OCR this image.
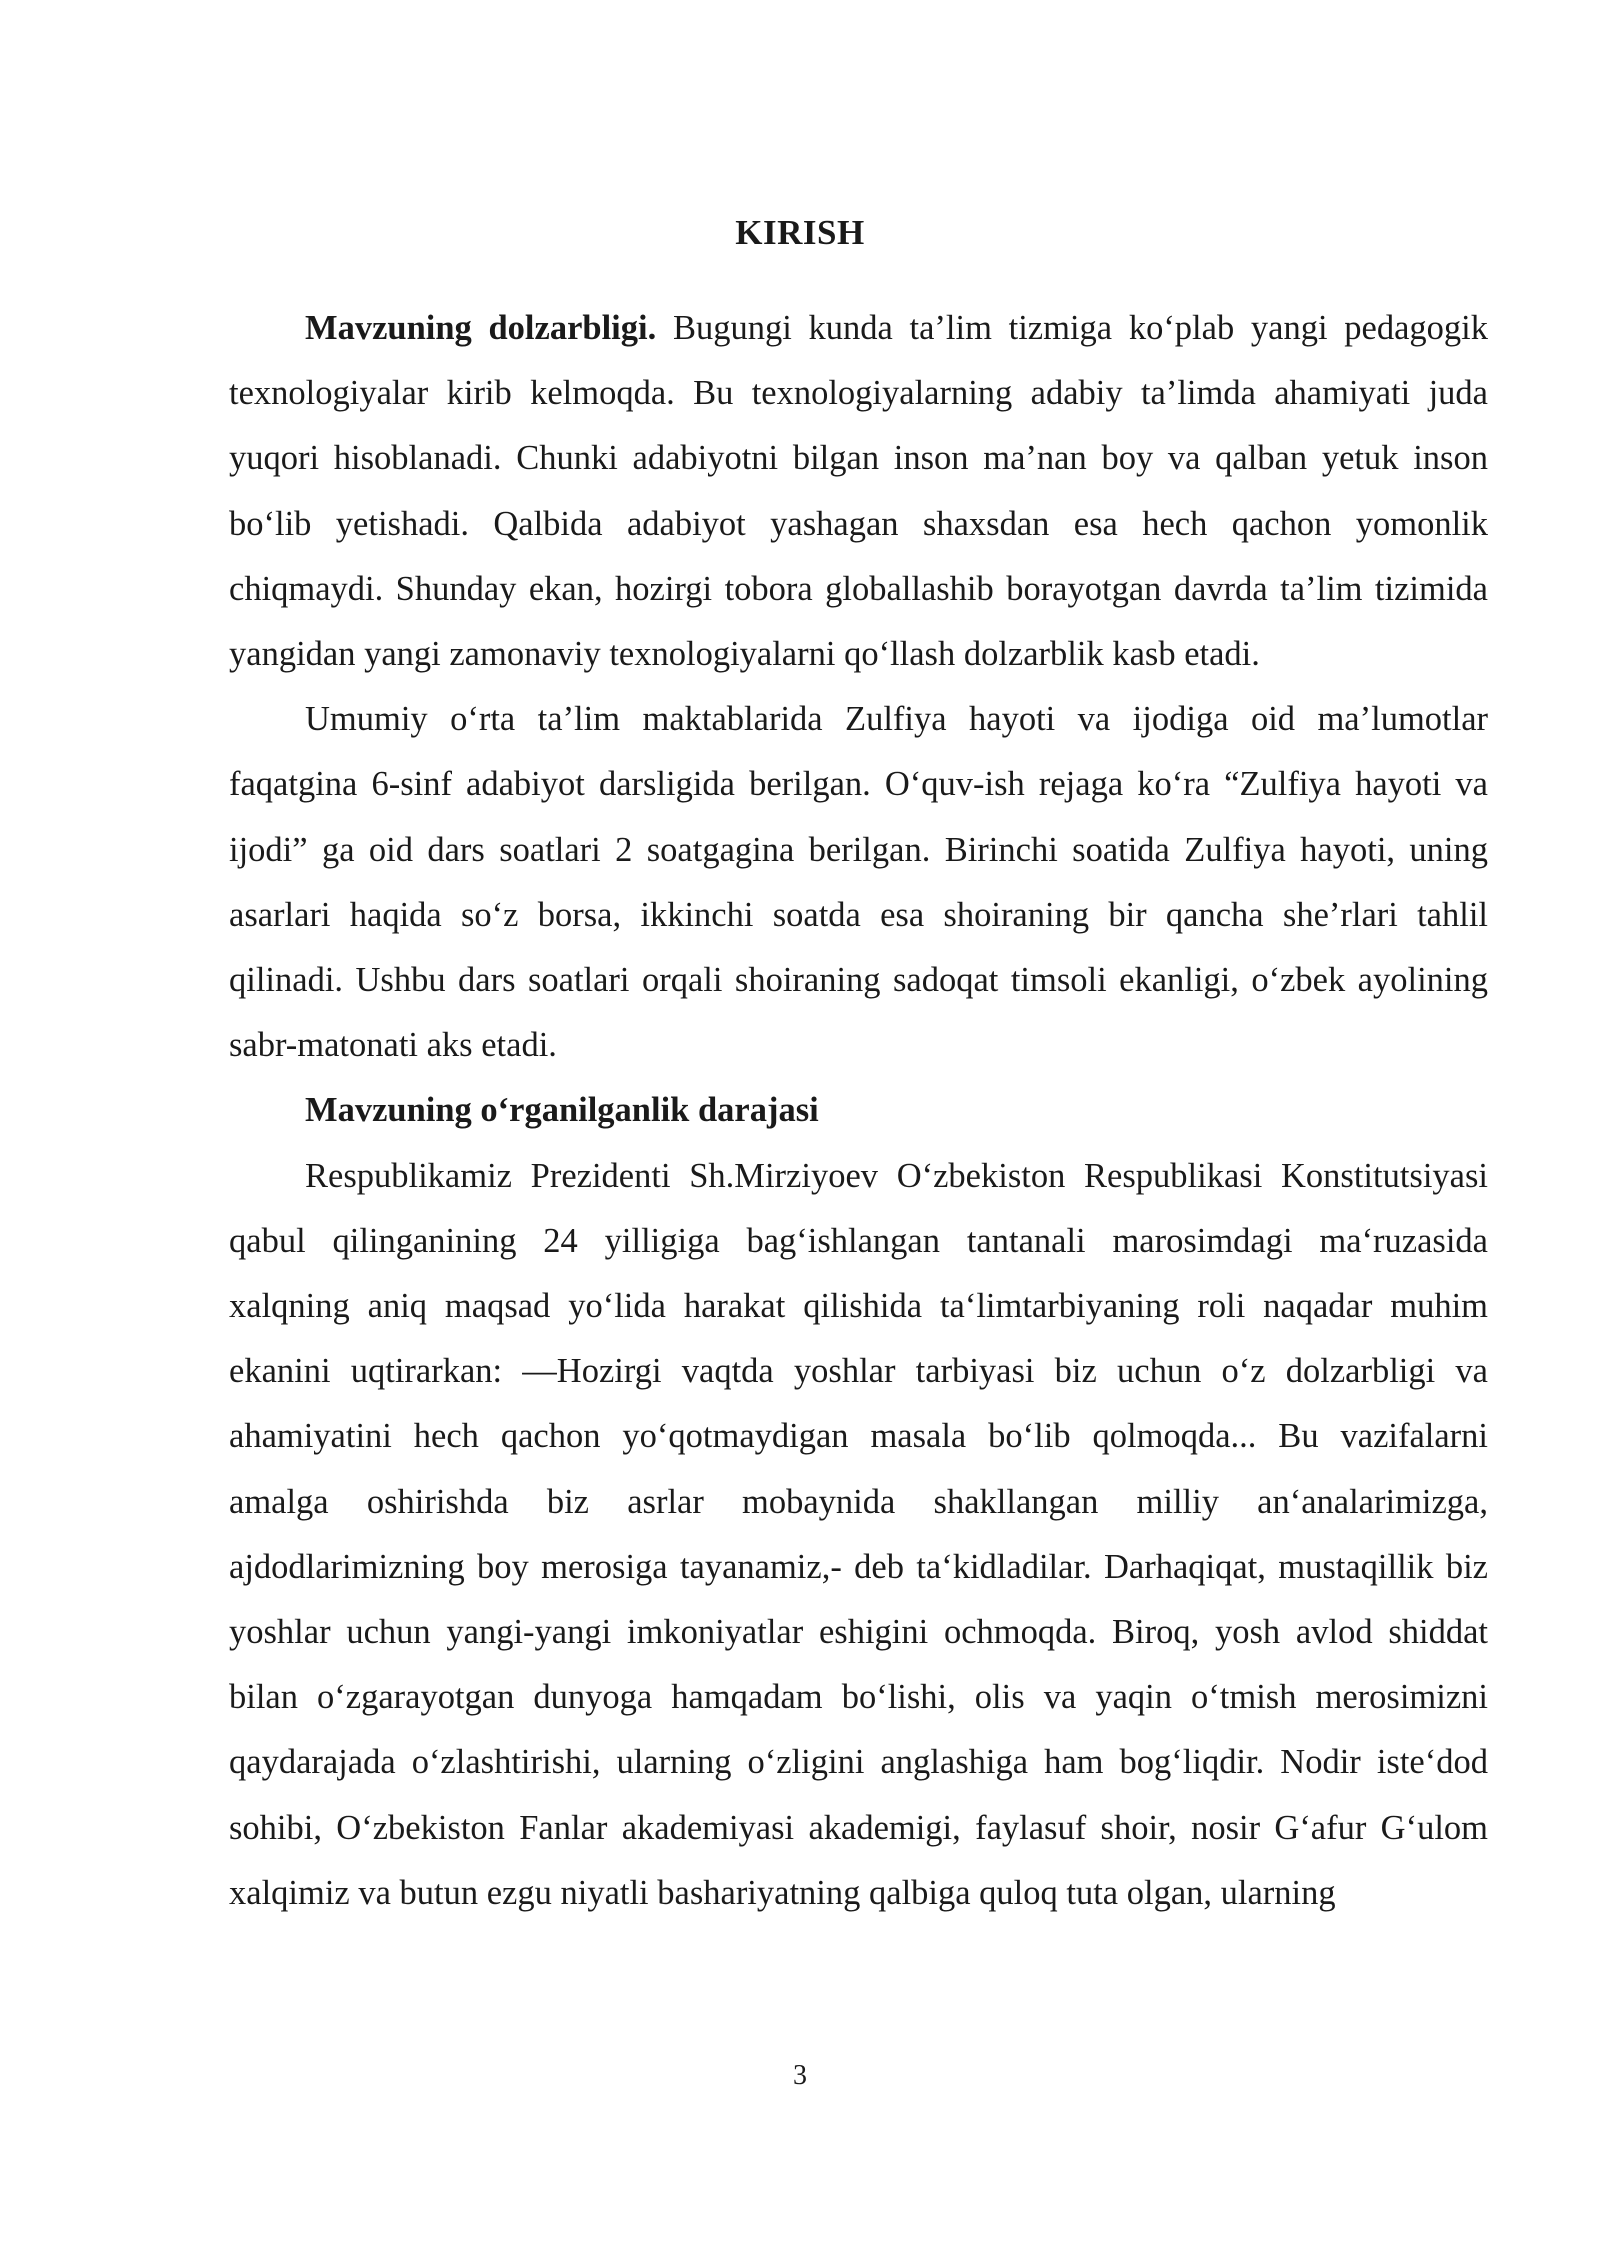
KIRISH

Mavzuning dolzarbligi. Bugungi kunda ta’lim tizmiga ko‘plab yangi pedagogik texnologiyalar kirib kelmoqda. Bu texnologiyalarning adabiy ta’limda ahamiyati juda yuqori hisoblanadi. Chunki adabiyotni bilgan inson ma’nan boy va qalban yetuk inson bo‘lib yetishadi. Qalbida adabiyot yashagan shaxsdan esa hech qachon yomonlik chiqmaydi. Shunday ekan, hozirgi tobora globallashib borayotgan davrda ta’lim tizimida yangidan yangi zamonaviy texnologiyalarni qo‘llash dolzarblik kasb etadi.

Umumiy o‘rta ta’lim maktablarida Zulfiya hayoti va ijodiga oid ma’lumotlar faqatgina 6-sinf adabiyot darsligida berilgan. O‘quv-ish rejaga ko‘ra “Zulfiya hayoti va ijodi” ga oid dars soatlari 2 soatgagina berilgan. Birinchi soatida Zulfiya hayoti, uning asarlari haqida so‘z borsa, ikkinchi soatda esa shoiraning bir qancha she’rlari tahlil qilinadi. Ushbu dars soatlari orqali shoiraning sadoqat timsoli ekanligi, o‘zbek ayolining sabr-matonati aks etadi.

Mavzuning o‘rganilganlik darajasi

Respublikamiz Prezidenti Sh.Mirziyoev O‘zbekiston Respublikasi Konstitutsiyasi qabul qilinganining 24 yilligiga bag‘ishlangan tantanali marosimdagi ma‘ruzasida xalqning aniq maqsad yo‘lida harakat qilishida ta‘limtarbiyaning roli naqadar muhim ekanini uqtirarkan: ―Hozirgi vaqtda yoshlar tarbiyasi biz uchun o‘z dolzarbligi va ahamiyatini hech qachon yo‘qotmaydigan masala bo‘lib qolmoqda... Bu vazifalarni amalga oshirishda biz asrlar mobaynida shakllangan milliy an‘analarimizga, ajdodlarimizning boy merosiga tayanamiz,- deb ta‘kidladilar. Darhaqiqat, mustaqillik biz yoshlar uchun yangi-yangi imkoniyatlar eshigini ochmoqda. Biroq, yosh avlod shiddat bilan o‘zgarayotgan dunyoga hamqadam bo‘lishi, olis va yaqin o‘tmish merosimizni qaydarajada o‘zlashtirishi, ularning o‘zligini anglashiga ham bog‘liqdir. Nodir iste‘dod sohibi, O‘zbekiston Fanlar akademiyasi akademigi, faylasuf shoir, nosir G‘afur G‘ulom xalqimiz va butun ezgu niyatli bashariyatning qalbiga quloq tuta olgan, ularning

3
